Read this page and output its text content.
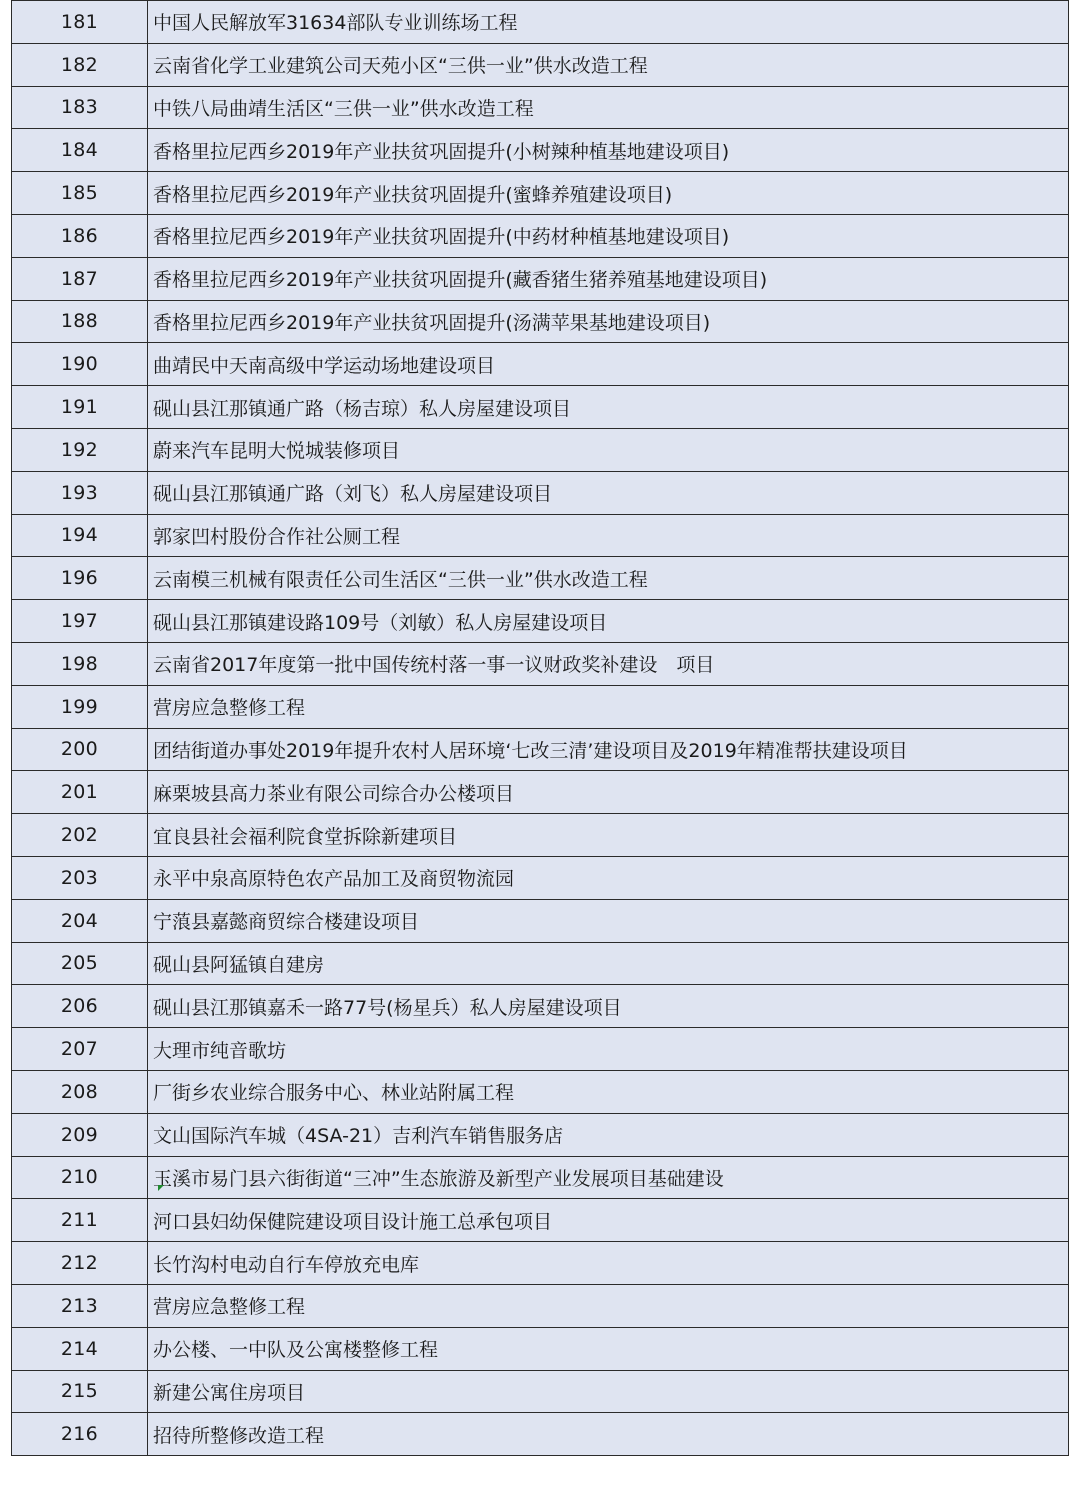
181	中国人民解放军31634部队专业训练场工程
182	云南省化学工业建筑公司天苑小区“三供一业”供水改造工程
183	中铁八局曲靖生活区“三供一业”供水改造工程
184	香格里拉尼西乡2019年产业扶贫巩固提升(小树辣种植基地建设项目)
185	香格里拉尼西乡2019年产业扶贫巩固提升(蜜蜂养殖建设项目)
186	香格里拉尼西乡2019年产业扶贫巩固提升(中药材种植基地建设项目)
187	香格里拉尼西乡2019年产业扶贫巩固提升(藏香猪生猪养殖基地建设项目)
188	香格里拉尼西乡2019年产业扶贫巩固提升(汤满苹果基地建设项目)
190	曲靖民中天南高级中学运动场地建设项目
191	砚山县江那镇通广路（杨吉琼）私人房屋建设项目
192	蔚来汽车昆明大悦城装修项目
193	砚山县江那镇通广路（刘飞）私人房屋建设项目
194	郭家凹村股份合作社公厕工程
196	云南模三机械有限责任公司生活区“三供一业”供水改造工程
197	砚山县江那镇建设路109号（刘敏）私人房屋建设项目
198	云南省2017年度第一批中国传统村落一事一议财政奖补建设　项目
199	营房应急整修工程
200	团结街道办事处2019年提升农村人居环境‘七改三清’建设项目及2019年精准帮扶建设项目
201	麻栗坡县高力茶业有限公司综合办公楼项目
202	宜良县社会福利院食堂拆除新建项目
203	永平中泉高原特色农产品加工及商贸物流园
204	宁蒗县嘉懿商贸综合楼建设项目
205	砚山县阿猛镇自建房
206	砚山县江那镇嘉禾一路77号(杨星兵）私人房屋建设项目
207	大理市纯音歌坊
208	厂街乡农业综合服务中心、林业站附属工程
209	文山国际汽车城（4SA-21）吉利汽车销售服务店
210	玉溪市易门县六街街道“三冲”生态旅游及新型产业发展项目基础建设
211	河口县妇幼保健院建设项目设计施工总承包项目
212	长竹沟村电动自行车停放充电库
213	营房应急整修工程
214	办公楼、一中队及公寓楼整修工程
215	新建公寓住房项目
216	招待所整修改造工程
